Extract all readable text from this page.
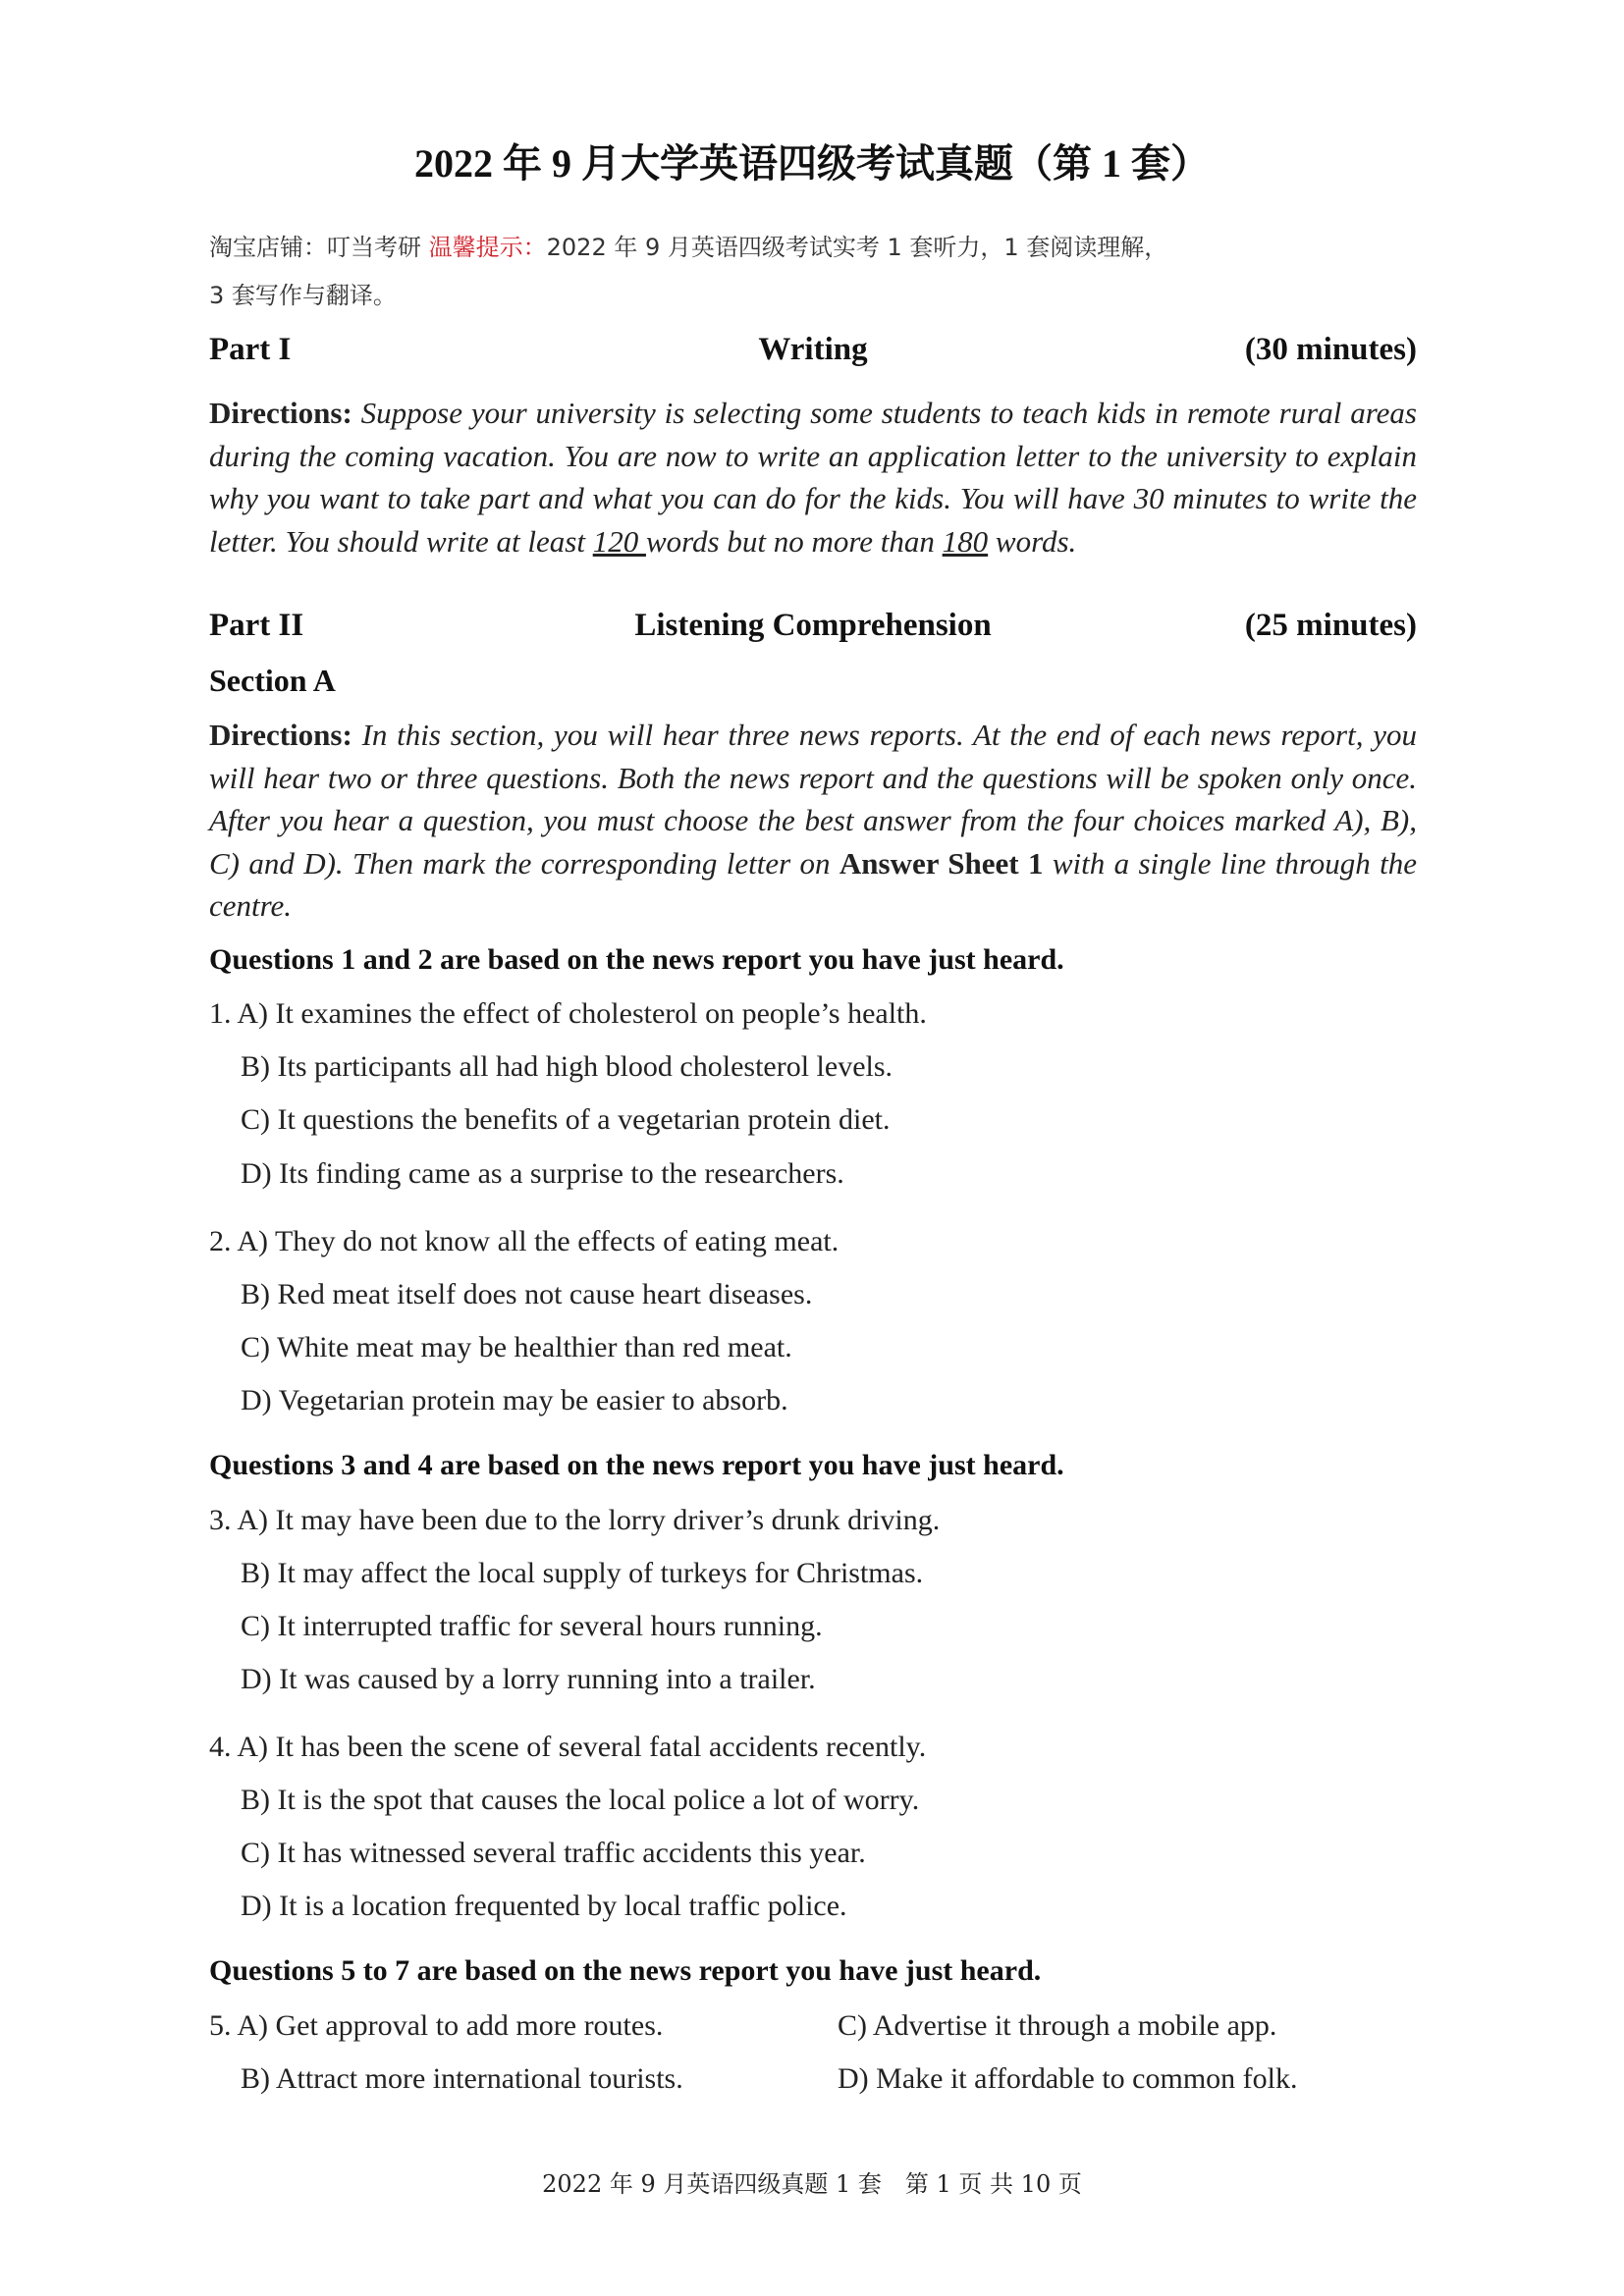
2022 年 9 月大学英语四级考试真题（第 1 套）
淘宝店铺：叮当考研 温馨提示：2022 年 9 月英语四级考试实考 1 套听力，1 套阅读理解，
3 套写作与翻译。
Part I	Writing	(30 minutes)
Directions: Suppose your university is selecting some students to teach kids in remote rural areas during the coming vacation. You are now to write an application letter to the university to explain why you want to take part and what you can do for the kids. You will have 30 minutes to write the letter. You should write at least 120 words but no more than 180 words.
Part II	Listening Comprehension	(25 minutes)
Section A
Directions: In this section, you will hear three news reports. At the end of each news report, you will hear two or three questions. Both the news report and the questions will be spoken only once. After you hear a question, you must choose the best answer from the four choices marked A), B), C) and D). Then mark the corresponding letter on Answer Sheet 1 with a single line through the centre.
Questions 1 and 2 are based on the news report you have just heard.
1. A) It examines the effect of cholesterol on people’s health.
B) Its participants all had high blood cholesterol levels.
C) It questions the benefits of a vegetarian protein diet.
D) Its finding came as a surprise to the researchers.
2. A) They do not know all the effects of eating meat.
B) Red meat itself does not cause heart diseases.
C) White meat may be healthier than red meat.
D) Vegetarian protein may be easier to absorb.
Questions 3 and 4 are based on the news report you have just heard.
3. A) It may have been due to the lorry driver’s drunk driving.
B) It may affect the local supply of turkeys for Christmas.
C) It interrupted traffic for several hours running.
D) It was caused by a lorry running into a trailer.
4. A) It has been the scene of several fatal accidents recently.
B) It is the spot that causes the local police a lot of worry.
C) It has witnessed several traffic accidents this year.
D) It is a location frequented by local traffic police.
Questions 5 to 7 are based on the news report you have just heard.
5. A) Get approval to add more routes.	C) Advertise it through a mobile app.
B) Attract more international tourists.	D) Make it affordable to common folk.
2022 年 9 月英语四级真题 1 套　第 1 页 共 10 页
